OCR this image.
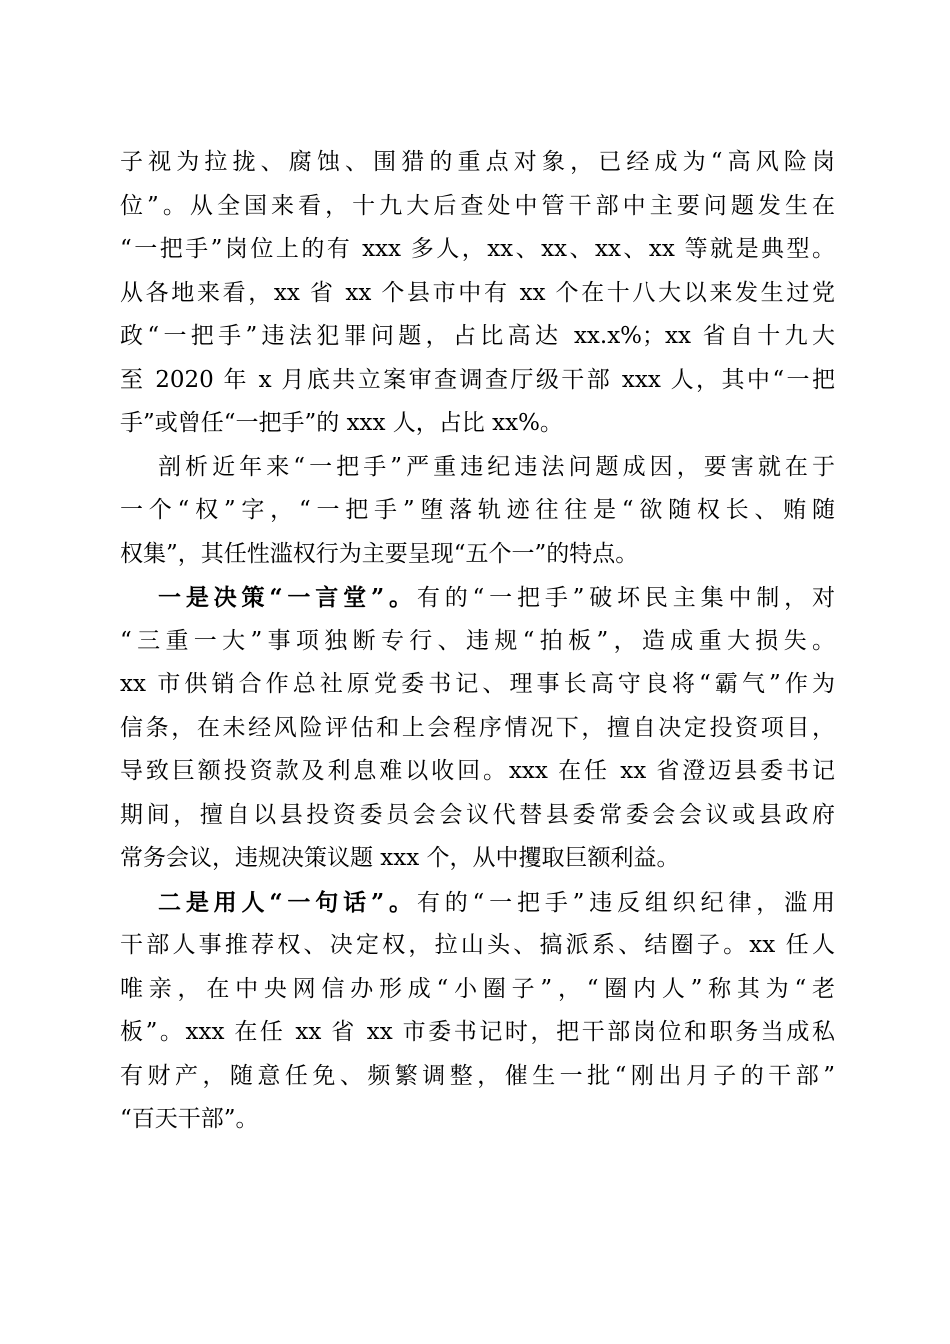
子视为拉拢、腐蚀、围猎的重点对象，已经成为“高风险岗
位”。从全国来看，十九大后查处中管干部中主要问题发生在
“一把手”岗位上的有 xxx 多人，xx、xx、xx、xx 等就是典型。
从各地来看，xx 省 xx 个县市中有 xx 个在十八大以来发生过党
政“一把手”违法犯罪问题，占比高达 xx.x%；xx 省自十九大
至 2020 年 x 月底共立案审查调查厅级干部 xxx 人，其中“一把
手”或曾任“一把手”的 xxx 人，占比 xx%。
剖析近年来“一把手”严重违纪违法问题成因，要害就在于
一个“权”字，“一把手”堕落轨迹往往是“欲随权长、贿随
权集”，其任性滥权行为主要呈现“五个一”的特点。
一是决策“一言堂”。有的“一把手”破坏民主集中制，对
“三重一大”事项独断专行、违规“拍板”，造成重大损失。
xx 市供销合作总社原党委书记、理事长高守良将“霸气”作为
信条，在未经风险评估和上会程序情况下，擅自决定投资项目，
导致巨额投资款及利息难以收回。xxx 在任 xx 省澄迈县委书记
期间，擅自以县投资委员会会议代替县委常委会会议或县政府
常务会议，违规决策议题 xxx 个，从中攫取巨额利益。
二是用人“一句话”。有的“一把手”违反组织纪律，滥用
干部人事推荐权、决定权，拉山头、搞派系、结圈子。xx 任人
唯亲，在中央网信办形成“小圈子”，“圈内人”称其为“老
板”。xxx 在任 xx 省 xx 市委书记时，把干部岗位和职务当成私
有财产，随意任免、频繁调整，催生一批“刚出月子的干部”
“百天干部”。
